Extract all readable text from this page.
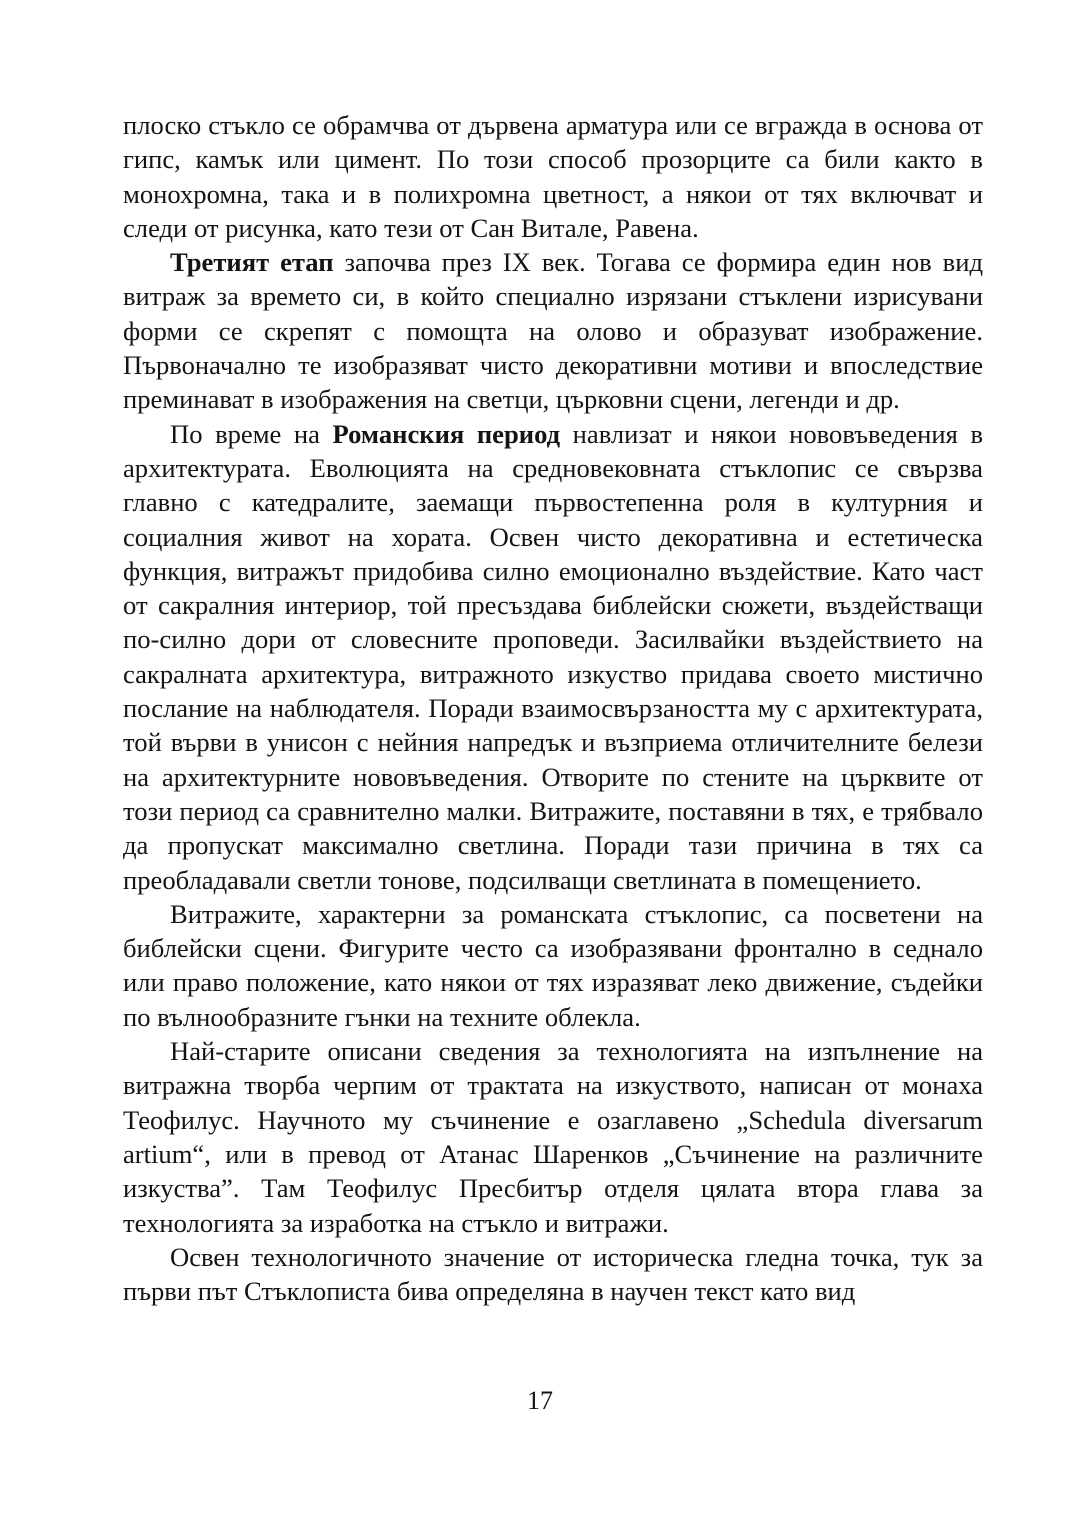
плоско стъкло се обрамчва от дървена арматура или се вгражда в основа от гипс, камък или цимент. По този способ прозорците са били както в монохромна, така и в полихромна цветност, а някои от тях включват и следи от рисунка, като тези от Сан Витале, Равена.

Третият етап започва през IX век. Тогава се формира един нов вид витраж за времето си, в който специално изрязани стъклени изрисувани форми се скрепят с помощта на олово и образуват изображение. Първоначално те изобразяват чисто декоративни мотиви и впоследствие преминават в изображения на светци, църковни сцени, легенди и др.

По време на Романския период навлизат и някои нововъведения в архитектурата. Еволюцията на средновековната стъклопис се свързва главно с катедралите, заемащи първостепенна роля в културния и социалния живот на хората. Освен чисто декоративна и естетическа функция, витражът придобива силно емоционално въздействие. Като част от сакралния интериор, той пресъздава библейски сюжети, въздействащи по-силно дори от словесните проповеди. Засилвайки въздействието на сакралната архитектура, витражното изкуство придава своето мистично послание на наблюдателя. Поради взаимосвързаността му с архитектурата, той върви в унисон с нейния напредък и възприема отличителните белези на архитектурните нововъведения. Отворите по стените на църквите от този период са сравнително малки. Витражите, поставяни в тях, е трябвало да пропускат максимално светлина. Поради тази причина в тях са преобладавали светли тонове, подсилващи светлината в помещението.

Витражите, характерни за романската стъклопис, са посветени на библейски сцени. Фигурите често са изобразявани фронтално в седнало или право положение, като някои от тях изразяват леко движение, съдейки по вълнообразните гънки на техните облекла.

Най-старите описани сведения за технологията на изпълнение на витражна творба черпим от трактата на изкуството, написан от монаха Теофилус. Научното му съчинение е озаглавено „Schedula diversarum artium“, или в превод от Атанас Шаренков „Съчинение на различните изкуства”. Там Теофилус Пресбитър отделя цялата втора глава за технологията за изработка на стъкло и витражи.

Освен технологичното значение от историческа гледна точка, тук за първи път Стъклописта бива определяна в научен текст като вид

17
